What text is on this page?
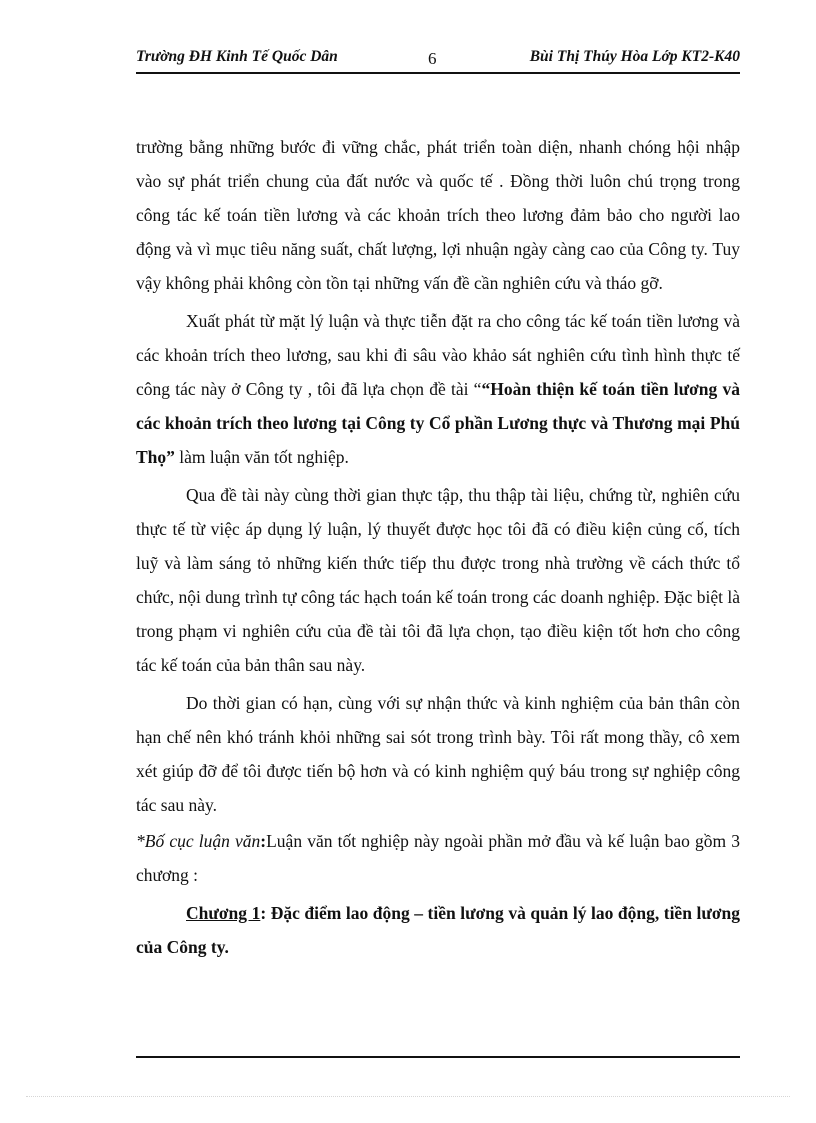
Trường ĐH Kinh Tế Quốc Dân	6	Bùi Thị Thúy Hòa Lớp KT2-K40

trường bằng những bước đi vững chắc, phát triển toàn diện, nhanh chóng hội nhập vào sự phát triển chung của đất nước và quốc tế . Đồng thời luôn chú trọng trong công tác kế toán tiền lương và các khoản trích theo lương đảm bảo cho người lao động và vì mục tiêu năng suất, chất lượng, lợi nhuận ngày càng cao của Công ty. Tuy vậy không phải không còn tồn tại những vấn đề cần nghiên cứu và tháo gỡ.

Xuất phát từ mặt lý luận và thực tiễn đặt ra cho công tác kế toán tiền lương và các khoản trích theo lương, sau khi đi sâu vào khảo sát nghiên cứu tình hình thực tế công tác này ở Công ty , tôi đã lựa chọn đề tài ““Hoàn thiện kế toán tiền lương và các khoản trích theo lương tại Công ty Cổ phần Lương thực và Thương mại Phú Thọ” làm luận văn tốt nghiệp.

Qua đề tài này cùng thời gian thực tập, thu thập tài liệu, chứng từ, nghiên cứu thực tế từ việc áp dụng lý luận, lý thuyết được học tôi đã có điều kiện củng cố, tích luỹ và làm sáng tỏ những kiến thức tiếp thu được trong nhà trường về cách thức tổ chức, nội dung trình tự công tác hạch toán kế toán trong các doanh nghiệp. Đặc biệt là trong phạm vi nghiên cứu của đề tài tôi đã lựa chọn, tạo điều kiện tốt hơn cho công tác kế toán của bản thân sau này.

Do thời gian có hạn, cùng với sự nhận thức và kinh nghiệm của bản thân còn hạn chế nên khó tránh khỏi những sai sót trong trình bày. Tôi rất mong thầy, cô xem xét giúp đỡ để tôi được tiến bộ hơn và có kinh nghiệm quý báu trong sự nghiệp công tác sau này.

*Bố cục luận văn:Luận văn tốt nghiệp này ngoài phần mở đầu và kế luận bao gồm 3 chương :

Chương 1: Đặc điểm lao động – tiền lương và quản lý lao động, tiền lương của Công ty.
